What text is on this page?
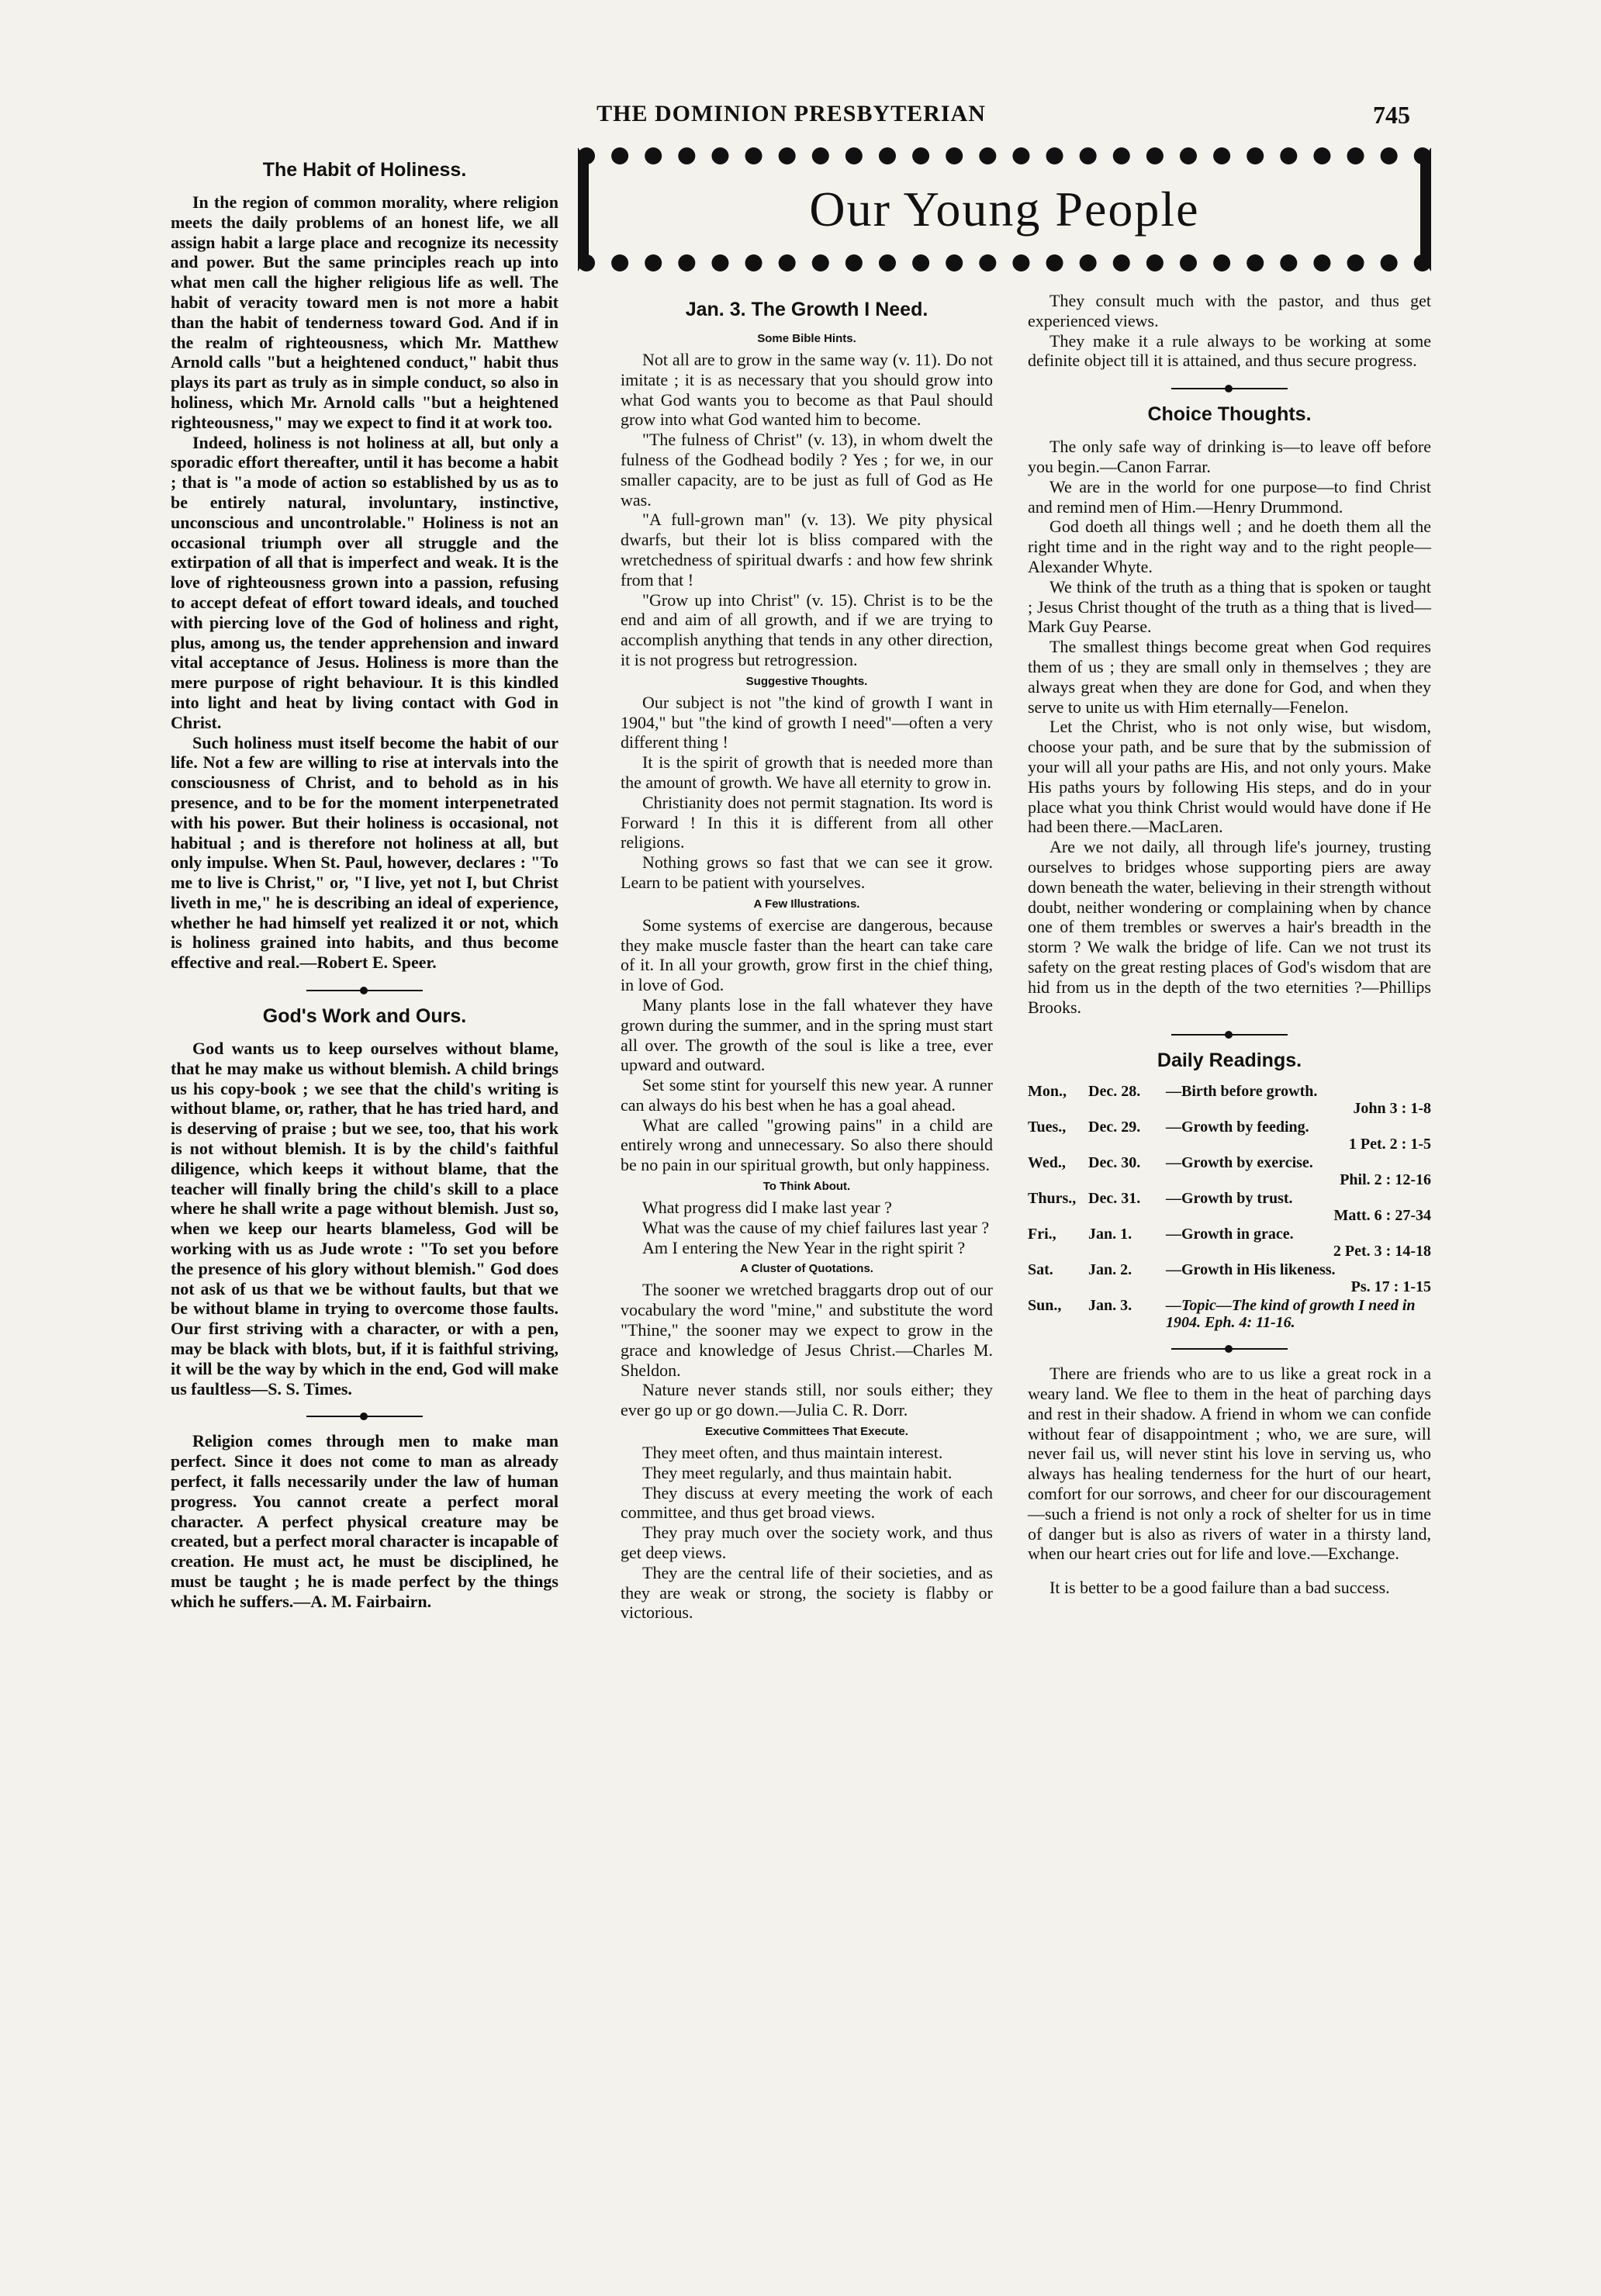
THE DOMINION PRESBYTERIAN	745
Our Young People
The Habit of Holiness.

In the region of common morality, where religion meets the daily problems of an honest life, we all assign habit a large place and recognize its necessity and power. But the same principles reach up into what men call the higher religious life as well. The habit of veracity toward men is not more a habit than the habit of tenderness toward God. And if in the realm of righteousness, which Mr. Matthew Arnold calls "but a heightened conduct," habit thus plays its part as truly as in simple conduct, so also in holiness, which Mr. Arnold calls "but a heightened righteousness," may we expect to find it at work too.

Indeed, holiness is not holiness at all, but only a sporadic effort thereafter, until it has become a habit ; that is "a mode of action so established by us as to be entirely natural, involuntary, instinctive, unconscious and uncontrolable." Holiness is not an occasional triumph over all struggle and the extirpation of all that is imperfect and weak. It is the love of righteousness grown into a passion, refusing to accept defeat of effort toward ideals, and touched with piercing love of the God of holiness and right, plus, among us, the tender apprehension and inward vital acceptance of Jesus. Holiness is more than the mere purpose of right behaviour. It is this kindled into light and heat by living contact with God in Christ.

Such holiness must itself become the habit of our life. Not a few are willing to rise at intervals into the consciousness of Christ, and to behold as in his presence, and to be for the moment interpenetrated with his power. But their holiness is occasional, not habitual ; and is therefore not holiness at all, but only impulse. When St. Paul, however, declares : "To me to live is Christ," or, "I live, yet not I, but Christ liveth in me," he is describing an ideal of experience, whether he had himself yet realized it or not, which is holiness grained into habits, and thus become effective and real.—Robert E. Speer.

God's Work and Ours.

God wants us to keep ourselves without blame, that he may make us without blemish. A child brings us his copy-book ; we see that the child's writing is without blame, or, rather, that he has tried hard, and is deserving of praise ; but we see, too, that his work is not without blemish. It is by the child's faithful diligence, which keeps it without blame, that the teacher will finally bring the child's skill to a place where he shall write a page without blemish. Just so, when we keep our hearts blameless, God will be working with us as Jude wrote : "To set you before the presence of his glory without blemish." God does not ask of us that we be without faults, but that we be without blame in trying to overcome those faults. Our first striving with a character, or with a pen, may be black with blots, but, if it is faithful striving, it will be the way by which in the end, God will make us faultless—S. S. Times.

Religion comes through men to make man perfect. Since it does not come to man as already perfect, it falls necessarily under the law of human progress. You cannot create a perfect moral character. A perfect physical creature may be created, but a perfect moral character is incapable of creation. He must act, he must be disciplined, he must be taught ; he is made perfect by the things which he suffers.—A. M. Fairbairn.

Jan. 3. The Growth I Need.
Some Bible Hints.

Not all are to grow in the same way (v. 11). Do not imitate ; it is as necessary that you should grow into what God wants you to become as that Paul should grow into what God wanted him to become.

"The fulness of Christ" (v. 13), in whom dwelt the fulness of the Godhead bodily ? Yes ; for we, in our smaller capacity, are to be just as full of God as He was.

"A full-grown man" (v. 13). We pity physical dwarfs, but their lot is bliss compared with the wretchedness of spiritual dwarfs : and how few shrink from that !

"Grow up into Christ" (v. 15). Christ is to be the end and aim of all growth, and if we are trying to accomplish anything that tends in any other direction, it is not progress but retrogression.

Suggestive Thoughts.

Our subject is not "the kind of growth I want in 1904," but "the kind of growth I need"—often a very different thing !

It is the spirit of growth that is needed more than the amount of growth. We have all eternity to grow in.

Christianity does not permit stagnation. Its word is Forward ! In this it is different from all other religions.

Nothing grows so fast that we can see it grow. Learn to be patient with yourselves.

A Few Illustrations.

Some systems of exercise are dangerous, because they make muscle faster than the heart can take care of it. In all your growth, grow first in the chief thing, in love of God.

Many plants lose in the fall whatever they have grown during the summer, and in the spring must start all over. The growth of the soul is like a tree, ever upward and outward.

Set some stint for yourself this new year. A runner can always do his best when he has a goal ahead.

What are called "growing pains" in a child are entirely wrong and unnecessary. So also there should be no pain in our spiritual growth, but only happiness.

To Think About.

What progress did I make last year ?

What was the cause of my chief failures last year ?

Am I entering the New Year in the right spirit ?

A Cluster of Quotations.

The sooner we wretched braggarts drop out of our vocabulary the word "mine," and substitute the word "Thine," the sooner may we expect to grow in the grace and knowledge of Jesus Christ.—Charles M. Sheldon.

Nature never stands still, nor souls either; they ever go up or go down.—Julia C. R. Dorr.

Executive Committees That Execute.

They meet often, and thus maintain interest.

They meet regularly, and thus maintain habit.

They discuss at every meeting the work of each committee, and thus get broad views.

They pray much over the society work, and thus get deep views.

They are the central life of their societies, and as they are weak or strong, the society is flabby or victorious.

They consult much with the pastor, and thus get experienced views.

They make it a rule always to be working at some definite object till it is attained, and thus secure progress.

Choice Thoughts.

The only safe way of drinking is—to leave off before you begin.—Canon Farrar.

We are in the world for one purpose—to find Christ and remind men of Him.—Henry Drummond.

God doeth all things well ; and he doeth them all the right time and in the right way and to the right people—Alexander Whyte.

We think of the truth as a thing that is spoken or taught ; Jesus Christ thought of the truth as a thing that is lived—Mark Guy Pearse.

The smallest things become great when God requires them of us ; they are small only in themselves ; they are always great when they are done for God, and when they serve to unite us with Him eternally—Fenelon.

Let the Christ, who is not only wise, but wisdom, choose your path, and be sure that by the submission of your will all your paths are His, and not only yours. Make His paths yours by following His steps, and do in your place what you think Christ would would have done if He had been there.—MacLaren.

Are we not daily, all through life's journey, trusting ourselves to bridges whose supporting piers are away down beneath the water, believing in their strength without doubt, neither wondering or complaining when by chance one of them trembles or swerves a hair's breadth in the storm ? We walk the bridge of life. Can we not trust its safety on the great resting places of God's wisdom that are hid from us in the depth of the two eternities ?—Phillips Brooks.

Daily Readings.
Mon.,	Dec. 28.	—Birth before growth.
John 3 : 1-8
Tues.,	Dec. 29.	—Growth by feeding.
1 Pet. 2 : 1-5
Wed.,	Dec. 30.	—Growth by exercise.
Phil. 2 : 12-16
Thurs., Dec. 31.	—Growth by trust.
Matt. 6 : 27-34
Fri.,	Jan. 1.	—Growth in grace.
2 Pet. 3 : 14-18
Sat.	Jan. 2.	—Growth in His likeness.
Ps. 17 : 1-15
Sun.,	Jan. 3.	—Topic—The kind of growth I need in 1904. Eph. 4: 11-16.

There are friends who are to us like a great rock in a weary land. We flee to them in the heat of parching days and rest in their shadow. A friend in whom we can confide without fear of disappointment ; who, we are sure, will never fail us, will never stint his love in serving us, who always has healing tenderness for the hurt of our heart, comfort for our sorrows, and cheer for our discouragement—such a friend is not only a rock of shelter for us in time of danger but is also as rivers of water in a thirsty land, when our heart cries out for life and love.—Exchange.

It is better to be a good failure than a bad success.
